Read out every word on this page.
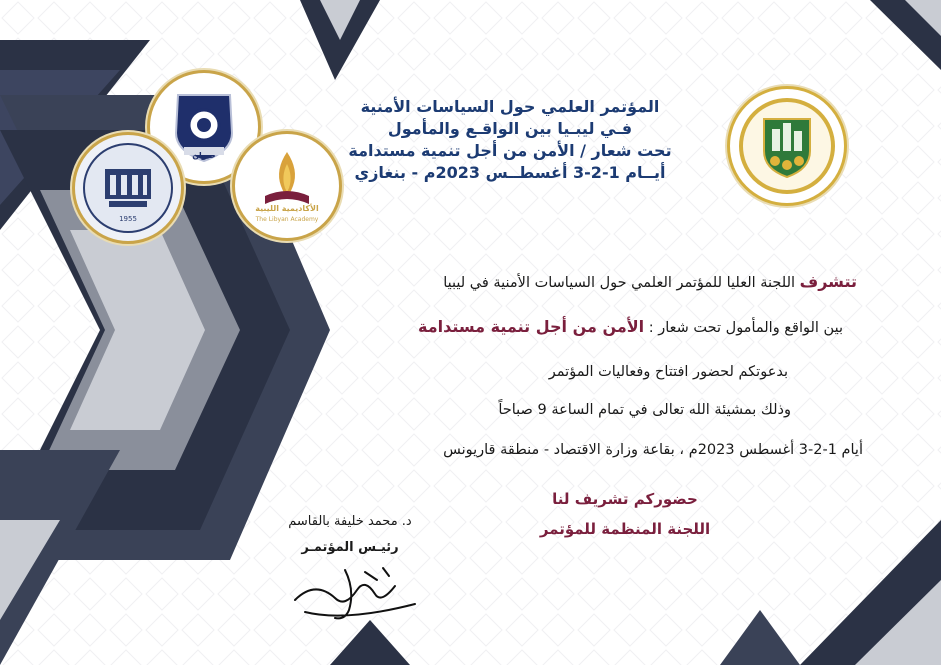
حيوان
1955
الأكاديمية الليبية
The Libyan Academy
المؤتمر العلمي حول السياسات الأمنية
فـي ليبـيا بين الواقـع والمأمول
تحت شعار / الأمن من أجل تنمية مستدامة
أيــام 1-2-3 أغسطــس 2023م - بنغازي
تتشرف اللجنة العليا للمؤتمر العلمي حول السياسات الأمنية في ليبيا
بين الواقع والمأمول تحت شعار : الأمن من أجل تنمية مستدامة
بدعوتكم لحضور افتتاح وفعاليات المؤتمر
وذلك بمشيئة الله تعالى في تمام الساعة 9 صباحاً
أيام 1-2-3 أغسطس 2023م ، بقاعة وزارة الاقتصاد - منطقة قاريونس
حضوركم تشريف لنا
اللجنة المنظمة للمؤتمر
د. محمد خليفة بالقاسم
رئيـس المؤتمـر
